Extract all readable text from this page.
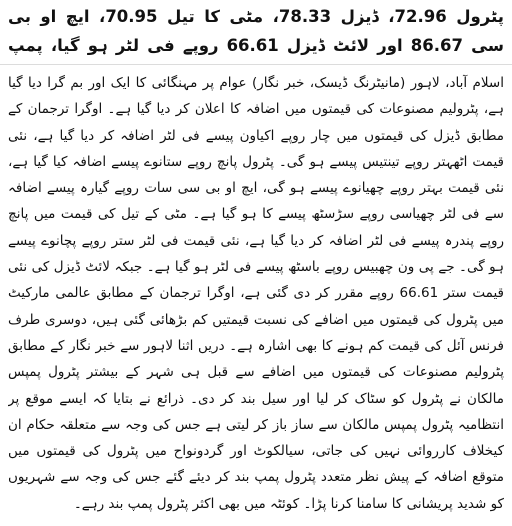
پٹرول 72.96، ڈیزل 78.33، مٹی کا تیل 70.95، ایچ او بی سی 86.67 اور لائٹ ڈیزل 66.61 روپے فی لٹر ہو گیا، پمپ

اسلام آباد، لاہور (مانیٹرنگ ڈیسک، خبر نگار) عوام پر مہنگائی کا ایک اور بم گرا دیا گیا ہے، پٹرولیم مصنوعات کی قیمتوں میں اضافہ کا اعلان کر دیا گیا ہے۔ اوگرا ترجمان کے مطابق ڈیزل کی قیمتوں میں چار روپے اکیاون پیسے فی لٹر اضافہ کر دیا گیا ہے، نئی قیمت اٹھہتر روپے تینتیس پیسے ہو گی۔ پٹرول پانچ روپے ستانوے پیسے اضافہ کیا گیا ہے، نئی قیمت بہتر روپے چھیانوے پیسے ہو گی، ایچ او بی سی سات روپے گیارہ پیسے اضافہ سے فی لٹر چھیاسی روپے سڑسٹھ پیسے کا ہو گیا ہے۔ مٹی کے تیل کی قیمت میں پانچ روپے پندرہ پیسے فی لٹر اضافہ کر دیا گیا ہے، نئی قیمت فی لٹر ستر روپے پچانوے پیسے ہو گی۔ جے پی ون چھبیس روپے باسٹھ پیسے فی لٹر ہو گیا ہے۔ جبکہ لائٹ ڈیزل کی نئی قیمت ستر 66.61 روپے مقرر کر دی گئی ہے، اوگرا ترجمان کے مطابق عالمی مارکیٹ میں پٹرول کی قیمتوں میں اضافے کی نسبت قیمتیں کم بڑھائی گئی ہیں، دوسری طرف فرنس آئل کی قیمت کم ہونے کا بھی اشارہ ہے۔ دریں اثنا لاہور سے خبر نگار کے مطابق پٹرولیم مصنوعات کی قیمتوں میں اضافے سے قبل ہی شہر کے بیشتر پٹرول پمپس مالکان نے پٹرول کو سٹاک کر لیا اور سیل بند کر دی۔ ذرائع نے بتایا کہ ایسے موقع پر انتظامیہ پٹرول پمپس مالکان سے ساز باز کر لیتی ہے جس کی وجہ سے متعلقہ حکام ان کیخلاف کارروائی نہیں کی جاتی، سیالکوٹ اور گردونواح میں پٹرول کی قیمتوں میں متوقع اضافہ کے پیش نظر متعدد پٹرول پمپ بند کر دیئے گئے جس کی وجہ سے شہریوں کو شدید پریشانی کا سامنا کرنا پڑا۔ کوئٹہ میں بھی اکثر پٹرول پمپ بند رہے۔
